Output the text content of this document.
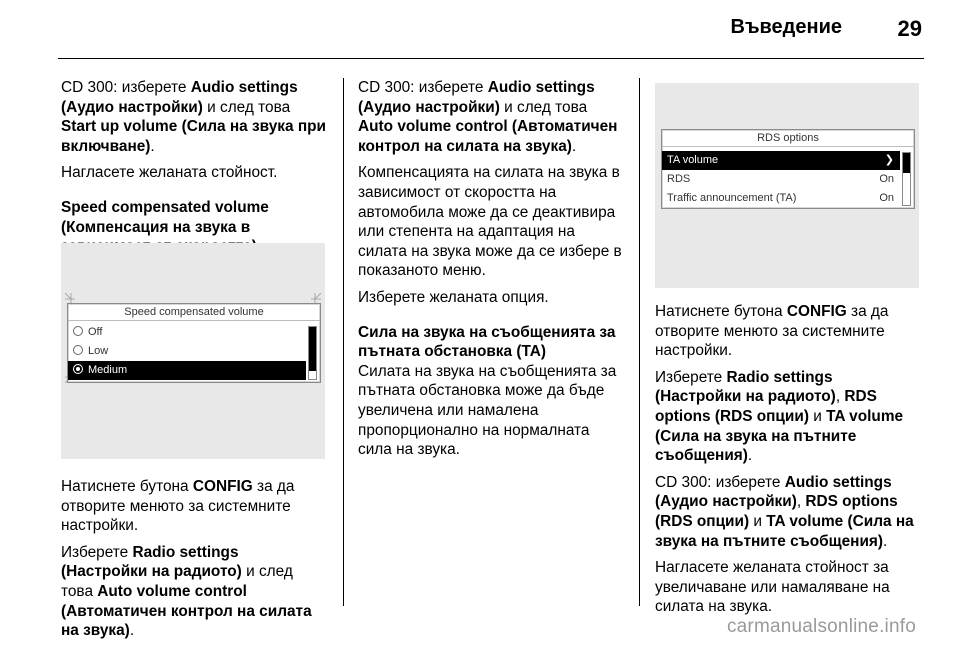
Въведение	29

CD 300: изберете Audio settings (Аудио настройки) и след това Start up volume (Сила на звука при включване).

Нагласете желаната стойност.

Speed compensated volume (Компенсация на звука в
Speed compensated volume
Off
Low
Medium

Натиснете бутона CONFIG за да отворите менюто за системните настройки.

Изберете Radio settings (Настройки на радиото) и след това Auto volume control (Автоматичен контрол на силата на звука).

CD 300: изберете Audio settings (Аудио настройки) и след това Auto volume control (Автоматичен контрол на силата на звука).

Компенсацията на силата на звука в зависимост от скоростта на автомобила може да се деактивира или степента на адаптация на силата на звука може да се избере в показаното меню.

Изберете желаната опция.

Сила на звука на съобщенията за пътната обстановка (TA)

Силата на звука на съобщенията за пътната обстановка може да бъде увеличена или намалена пропорционално на нормалната сила на звука.

RDS options
TA volume	❯
RDS	On
Traffic announcement (TA)	On

Натиснете бутона CONFIG за да отворите менюто за системните настройки.

Изберете Radio settings (Настройки на радиото), RDS options (RDS опции) и TA volume (Сила на звука на пътните съобщения).

CD 300: изберете Audio settings (Аудио настройки), RDS options (RDS опции) и TA volume (Сила на звука на пътните съобщения).

Нагласете желаната стойност за увеличаване или намаляване на силата на звука.

carmanualsonline.info
